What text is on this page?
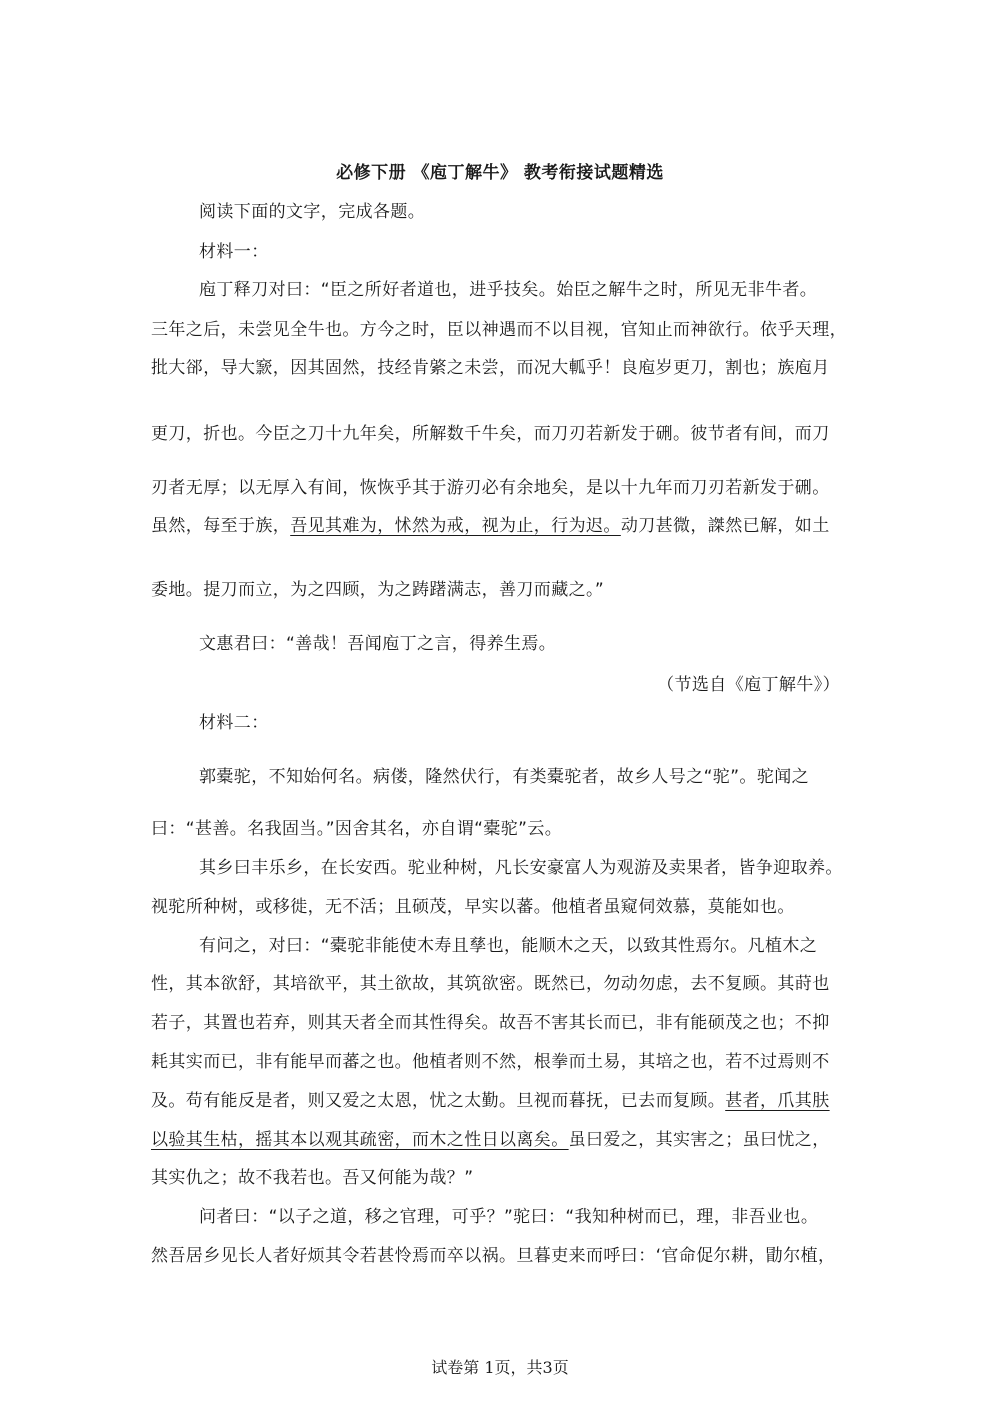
必修下册 《庖丁解牛》 教考衔接试题精选
阅读下面的文字，完成各题。
材料一：
庖丁释刀对曰：“臣之所好者道也，进乎技矣。始臣之解牛之时，所见无非牛者。
三年之后，未尝见全牛也。方今之时，臣以神遇而不以目视，官知止而神欲行。依乎天理，
批大郤，导大窾，因其固然，技经肯綮之未尝，而况大軱乎！良庖岁更刀，割也；族庖月
更刀，折也。今臣之刀十九年矣，所解数千牛矣，而刀刃若新发于硎。彼节者有间，而刀
刃者无厚；以无厚入有间，恢恢乎其于游刃必有余地矣，是以十九年而刀刃若新发于硎。
虽然，每至于族，吾见其难为，怵然为戒，视为止，行为迟。动刀甚微，謋然已解，如土
委地。提刀而立，为之四顾，为之踌躇满志，善刀而藏之。”
文惠君曰：“善哉！吾闻庖丁之言，得养生焉。
（节选自《庖丁解牛》）
材料二：
郭橐驼，不知始何名。病偻，隆然伏行，有类橐驼者，故乡人号之“驼”。驼闻之
曰：“甚善。名我固当。”因舍其名，亦自谓“橐驼”云。
其乡曰丰乐乡，在长安西。驼业种树，凡长安豪富人为观游及卖果者，皆争迎取养。
视驼所种树，或移徙，无不活；且硕茂，早实以蕃。他植者虽窥伺效慕，莫能如也。
有问之，对曰：“橐驼非能使木寿且孳也，能顺木之天，以致其性焉尔。凡植木之
性，其本欲舒，其培欲平，其土欲故，其筑欲密。既然已，勿动勿虑，去不复顾。其莳也
若子，其置也若弃，则其天者全而其性得矣。故吾不害其长而已，非有能硕茂之也；不抑
耗其实而已，非有能早而蕃之也。他植者则不然，根拳而土易，其培之也，若不过焉则不
及。苟有能反是者，则又爱之太恩，忧之太勤。旦视而暮抚，已去而复顾。甚者，爪其肤
以验其生枯，摇其本以观其疏密，而木之性日以离矣。虽曰爱之，其实害之；虽曰忧之，
其实仇之；故不我若也。吾又何能为哉？”
问者曰：“以子之道，移之官理，可乎？”驼曰：“我知种树而已，理，非吾业也。
然吾居乡见长人者好烦其令若甚怜焉而卒以祸。旦暮吏来而呼曰：‘官命促尔耕，勖尔植，
试卷第 1页，共3页
